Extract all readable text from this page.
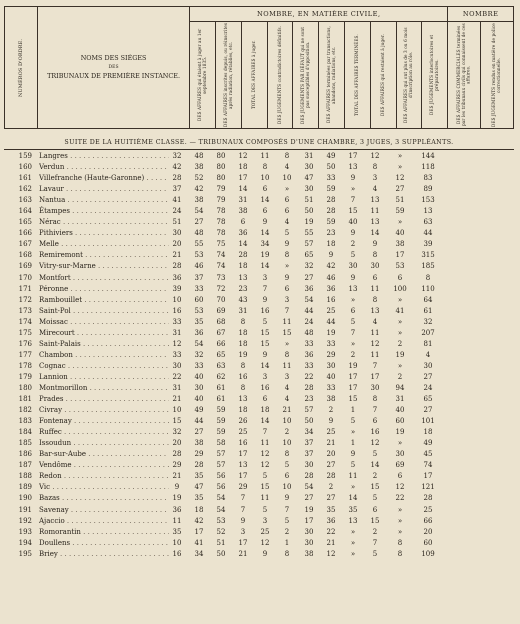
NUMÉROS D'ORDRE.	NOMS DES SIÉGES
DES
TRIBUNAUX DE PREMIÈRE INSTANCE.	NOMBRE, EN MATIÈRE CIVILE,										NOMBRE	

		DES AFFAIRES qui étaient à juger au 1er septembre 1835.	DES AFFAIRES inscrites depuis, ou réinscrites après radiation, rétablies, etc.	TOTAL DES AFFAIRES à juger.	DES JUGEMENTS contradictoires définitifs.	DES JUGEMENTS PAR DÉFAUT qui ne sont pas susceptibles d'opposition.	DES AFFAIRES terminées par transactions, abandons, radiations, etc.	TOTAL DES AFFAIRES TERMINÉES.	DES AFFAIRES qui restaient à juger.	DES AFFAIRES qui ont plus de 3 ou 6 mois d'inscription au rôle.	DES JUGEMENTS interlocutoires et préparatoires.	DES AFFAIRES COMMERCIALES terminées par les tribunaux civils qui connaissent de ces affaires.	DES JUGEMENTS rendus en matière de police correctionnelle.
SUITE DE LA HUITIÈME CLASSE. — TRIBUNAUX COMPOSÉS D'UNE CHAMBRE, 3 JUGES, 3 SUPPLÉANTS.
159 Langres . . .	32	48	80	12	11	8	31	49	17	12	»	144
160 Verdun . . .	42	38	80	18	8	4	30	50	13	8	»	118
161 Villefranche (Haute-Garonne) . . .	28	52	80	17	10	10	47	33	9	3	12	83
162 Lavaur . . .	37	42	79	14	6	»	30	59	»	4	27	89
163 Nantua . . .	41	38	79	31	14	6	51	28	7	13	51	153
164 Étampes . . .	24	54	78	38	6	6	50	28	15	11	59	13
165 Nérac . . .	51	27	78	6	9	4	19	59	40	13	»	63
166 Pithiviers . . .	30	48	78	36	14	5	55	23	9	14	40	44
167 Melle . . .	20	55	75	14	34	9	57	18	2	9	38	39
168 Remiremont . . .	21	53	74	28	19	8	65	9	5	8	17	315
169 Vitry-sur-Marne . . .	28	46	74	18	14	»	32	42	30	30	53	185
170 Montfort . . .	36	37	73	13	3	9	27	46	9	6	6	8
171 Péronne . . .	39	33	72	23	7	6	36	36	13	11	100	110
172 Rambouillet . . .	10	60	70	43	9	3	54	16	»	8	»	64
173 Saint-Pol . . .	16	53	69	31	16	7	44	25	6	13	41	61
174 Moissac . . .	33	35	68	8	5	11	24	44	5	4	»	32
175 Mirecourt . . .	31	36	67	18	15	15	48	19	7	11	»	207
176 Saint-Palais . . .	12	54	66	18	15	»	33	33	»	12	2	81
177 Chambon . . .	33	32	65	19	9	8	36	29	2	11	19	4
178 Cognac . . .	30	33	63	8	14	11	33	30	19	7	»	30
179 Lannion . . .	22	40	62	16	3	3	22	40	17	17	2	27
180 Montmorillon . . .	31	30	61	8	16	4	28	33	17	30	94	24
181 Prades . . .	21	40	61	13	6	4	23	38	15	8	31	65
182 Civray . . .	10	49	59	18	18	21	57	2	1	7	40	27
183 Fontenay . . .	15	44	59	26	14	10	50	9	5	6	60	101
184 Ruffec . . .	32	27	59	25	7	2	34	25	»	16	19	18
185 Issoudun . . .	20	38	58	16	11	10	37	21	1	12	»	49
186 Bar-sur-Aube . . .	28	29	57	17	12	8	37	20	9	5	30	45
187 Vendôme . . .	29	28	57	13	12	5	30	27	5	14	69	74
188 Redon . . .	21	35	56	17	5	6	28	28	11	2	6	17
189 Vic . . .	9	47	56	29	15	10	54	2	»	15	12	121
190 Bazas . . .	19	35	54	7	11	9	27	27	14	5	22	28
191 Savenay . . .	36	18	54	7	5	7	19	35	35	6	»	25
192 Ajaccio . . .	11	42	53	9	3	5	17	36	13	15	»	66
193 Romorantin . . .	35	17	52	3	25	2	30	22	»	2	»	20
194 Doullens . . .	10	41	51	17	12	1	30	21	»	7	8	60
195 Briey . . .	16	34	50	21	9	8	38	12	»	5	8	109
